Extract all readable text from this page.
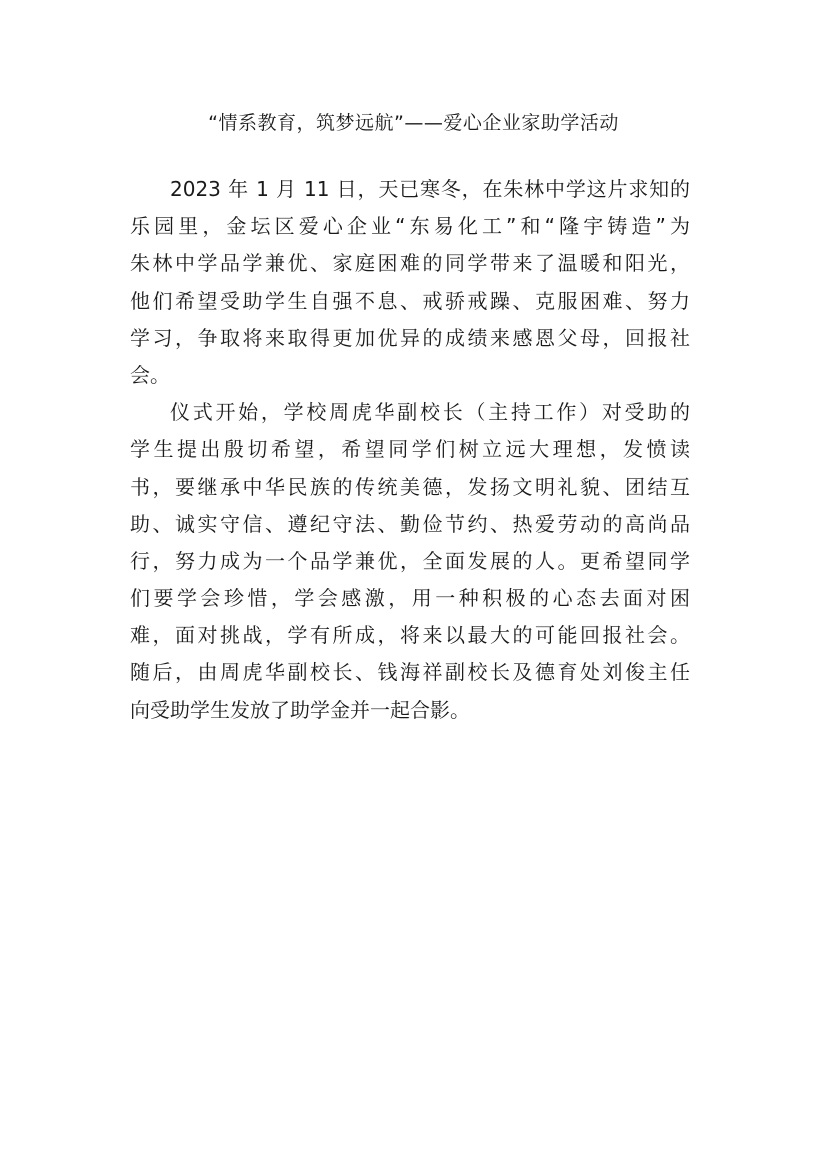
“情系教育，筑梦远航”——爱心企业家助学活动
2023 年 1 月 11 日，天已寒冬，在朱林中学这片求知的
乐园里，金坛区爱心企业“东易化工”和“隆宇铸造”为
朱林中学品学兼优、家庭困难的同学带来了温暖和阳光，
他们希望受助学生自强不息、戒骄戒躁、克服困难、努力
学习，争取将来取得更加优异的成绩来感恩父母，回报社
会。
仪式开始，学校周虎华副校长（主持工作）对受助的
学生提出殷切希望，希望同学们树立远大理想，发愤读
书，要继承中华民族的传统美德，发扬文明礼貌、团结互
助、诚实守信、遵纪守法、勤俭节约、热爱劳动的高尚品
行，努力成为一个品学兼优，全面发展的人。更希望同学
们要学会珍惜，学会感激，用一种积极的心态去面对困
难，面对挑战，学有所成，将来以最大的可能回报社会。
随后，由周虎华副校长、钱海祥副校长及德育处刘俊主任
向受助学生发放了助学金并一起合影。
